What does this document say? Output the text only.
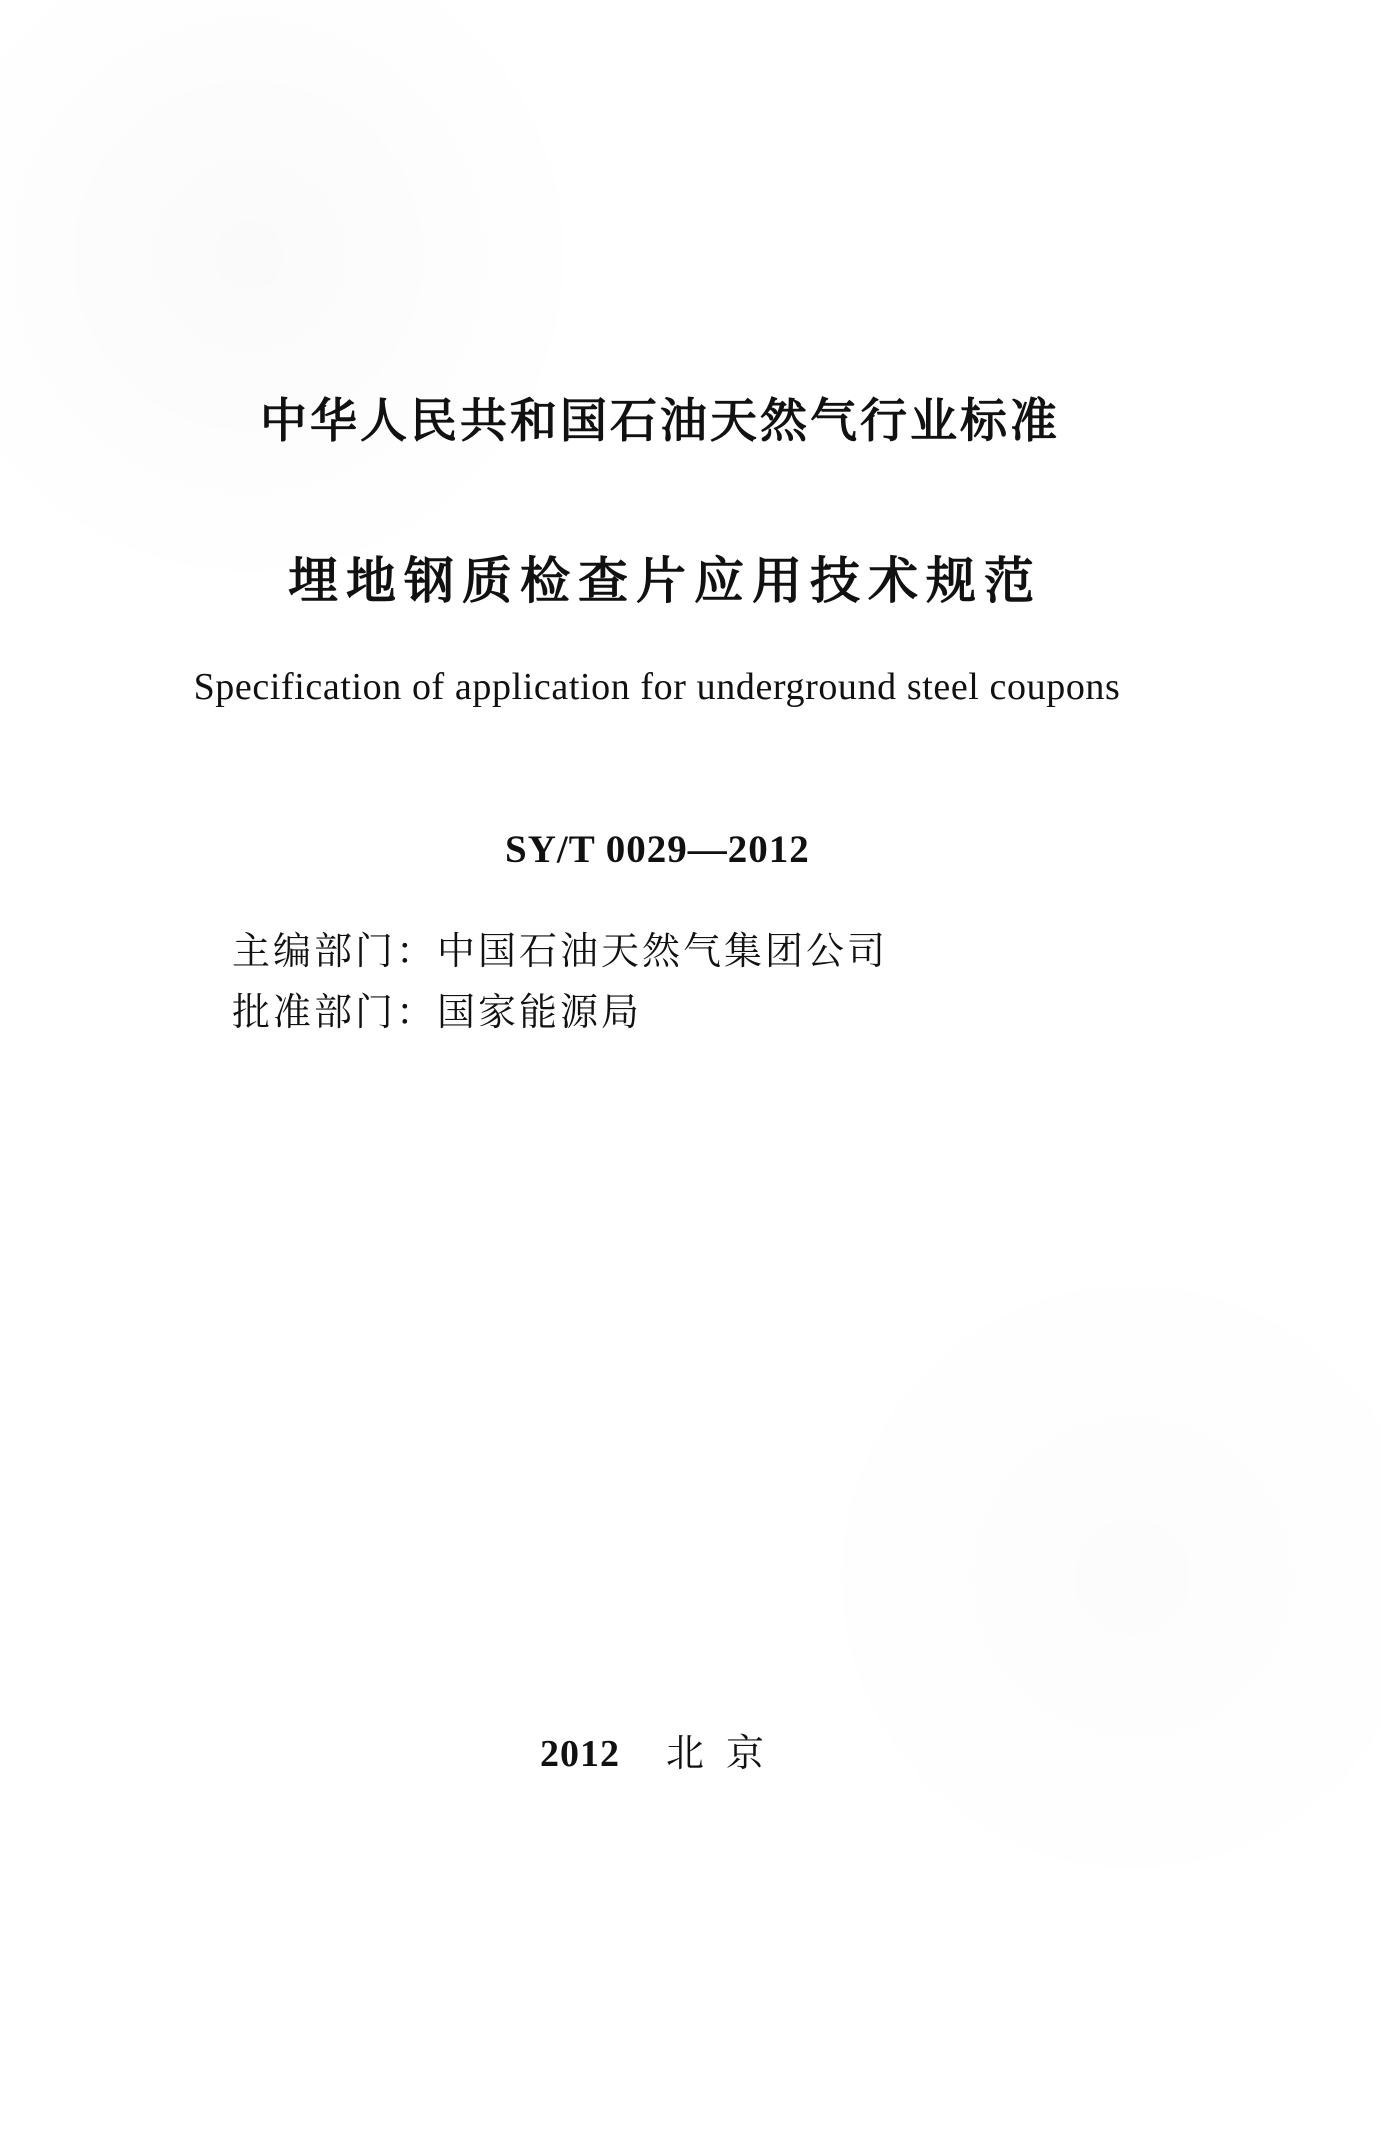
中华人民共和国石油天然气行业标准
埋地钢质检查片应用技术规范
Specification of application for underground steel coupons
SY/T 0029—2012
主编部门：中国石油天然气集团公司
批准部门：国家能源局
2012 北京
